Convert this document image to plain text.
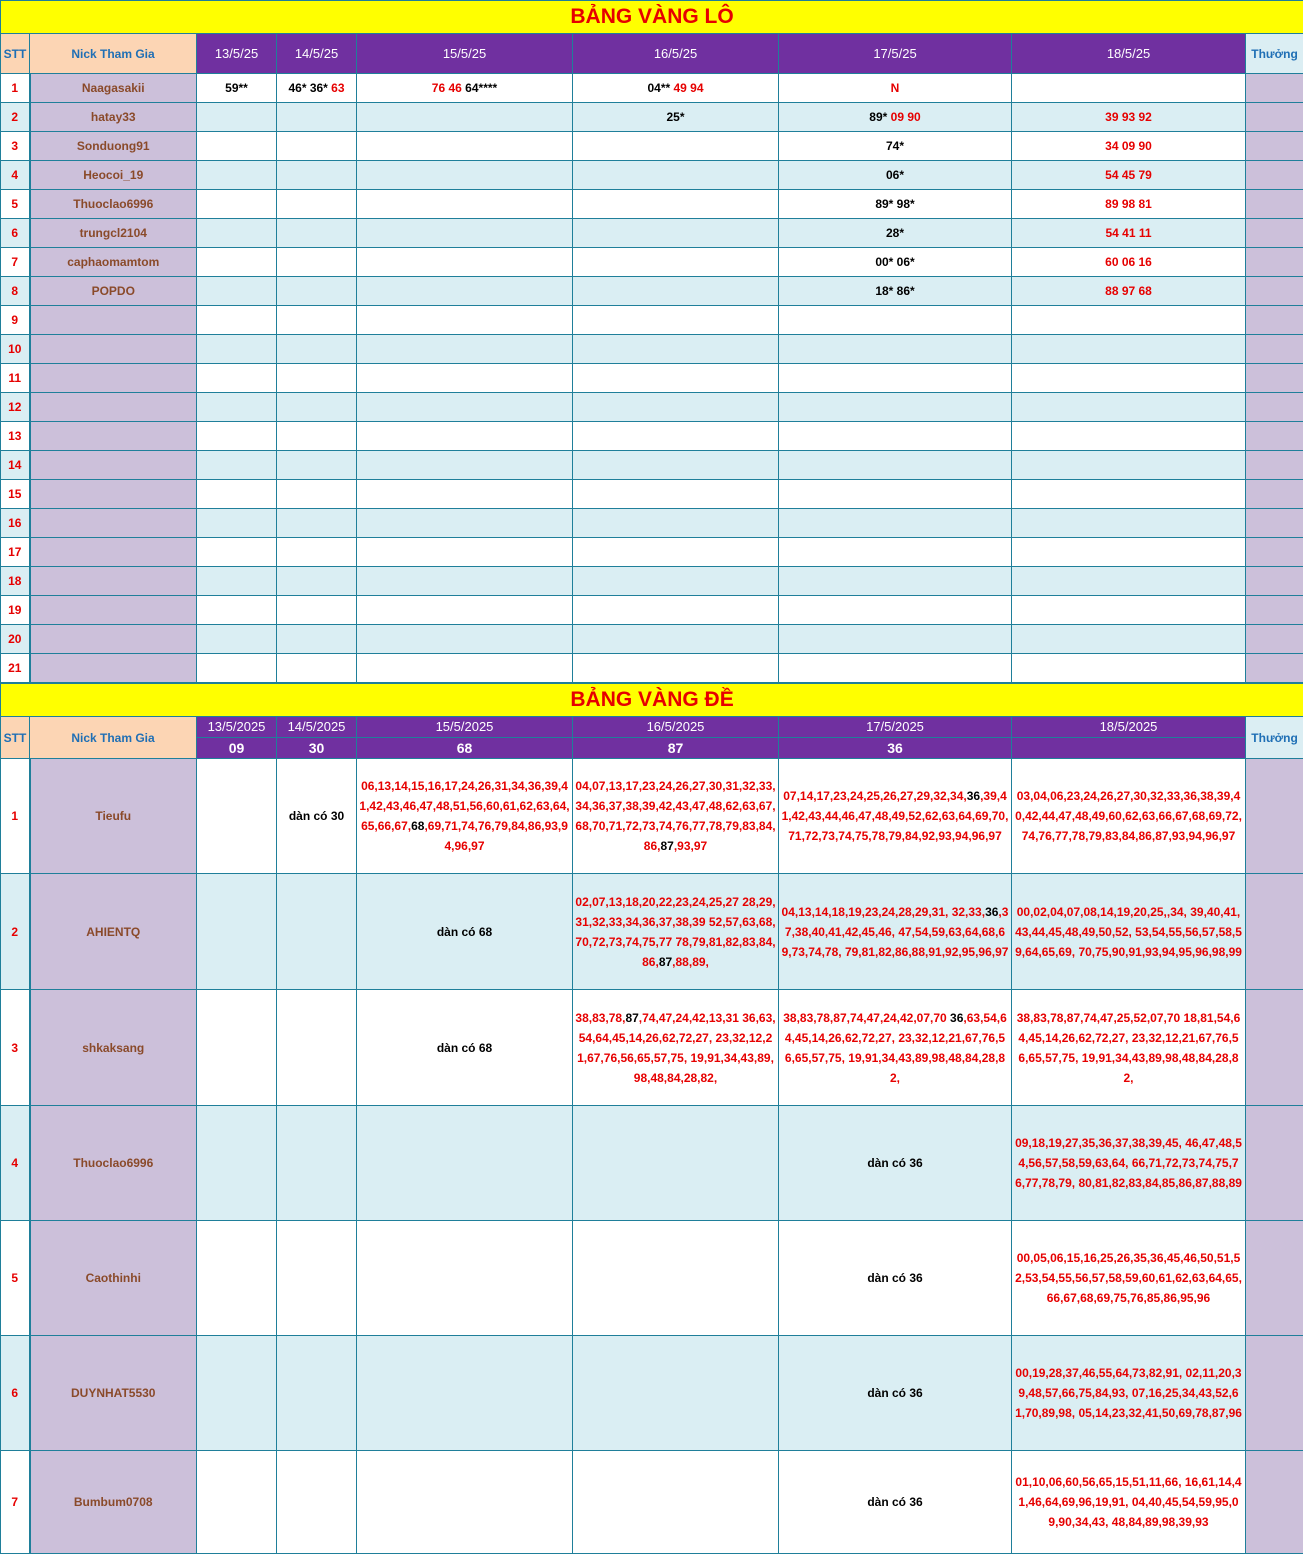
BẢNG VÀNG LÔ								
STT	Nick Tham Gia	13/5/25	14/5/25	15/5/25	16/5/25	17/5/25	18/5/25	Thưởng
1	Naagasakii	59**	46* 36* 63	76 46 64****	04** 49 94	N		
2	hatay33				25*	89* 09 90	39 93 92	
3	Sonduong91					74*	34 09 90	
4	Heocoi_19					06*	54 45 79	
5	Thuoclao6996					89* 98*	89 98 81	
6	trungcl2104					28*	54 41 11	
7	caphaomamtom					00* 06*	60 06 16	
8	POPDO					18* 86*	88 97 68	
9								
10								
11								
12								
13								
14								
15								
16								
17								
18								
19								
20								
21								
BẢNG VÀNG ĐỀ								
STT	Nick Tham Gia	13/5/2025	14/5/2025	15/5/2025	16/5/2025	17/5/2025	18/5/2025	Thưởng
		09	30	68	87	36		
1	Tieufu		dàn có 30	06,13,14,15,16,17,24,26,31,34,36,39,41,42,43,46,47,48,51,56,60,61,62,63,64,65,66,67,68,69,71,74,76,79,84,86,93,94,96,97	04,07,13,17,23,24,26,27,30,31,32,33,34,36,37,38,39,42,43,47,48,62,63,67,68,70,71,72,73,74,76,77,78,79,83,84,86,87,93,97	07,14,17,23,24,25,26,27,29,32,34,36,39,41,42,43,44,46,47,48,49,52,62,63,64,69,70,71,72,73,74,75,78,79,84,92,93,94,96,97	03,04,06,23,24,26,27,30,32,33,36,38,39,40,42,44,47,48,49,60,62,63,66,67,68,69,72,74,76,77,78,79,83,84,86,87,93,94,96,97	
2	AHIENTQ			dàn có 68	02,07,13,18,20,22,23,24,25,27 28,29,31,32,33,34,36,37,38,39 52,57,63,68,70,72,73,74,75,77 78,79,81,82,83,84,86,87,88,89,	04,13,14,18,19,23,24,28,29,31, 32,33,36,37,38,40,41,42,45,46, 47,54,59,63,64,68,69,73,74,78, 79,81,82,86,88,91,92,95,96,97	00,02,04,07,08,14,19,20,25,,34, 39,40,41,43,44,45,48,49,50,52, 53,54,55,56,57,58,59,64,65,69, 70,75,90,91,93,94,95,96,98,99	
3	shkaksang			dàn có 68	38,83,78,87,74,47,24,42,13,31 36,63,54,64,45,14,26,62,72,27, 23,32,12,21,67,76,56,65,57,75, 19,91,34,43,89,98,48,84,28,82,	38,83,78,87,74,47,24,42,07,70 36,63,54,64,45,14,26,62,72,27, 23,32,12,21,67,76,56,65,57,75, 19,91,34,43,89,98,48,84,28,82,	38,83,78,87,74,47,25,52,07,70 18,81,54,64,45,14,26,62,72,27, 23,32,12,21,67,76,56,65,57,75, 19,91,34,43,89,98,48,84,28,82,	
4	Thuoclao6996					dàn có 36	09,18,19,27,35,36,37,38,39,45, 46,47,48,54,56,57,58,59,63,64, 66,71,72,73,74,75,76,77,78,79, 80,81,82,83,84,85,86,87,88,89	
5	Caothinhi					dàn có 36	00,05,06,15,16,25,26,35,36,45,46,50,51,52,53,54,55,56,57,58,59,60,61,62,63,64,65,66,67,68,69,75,76,85,86,95,96	
6	DUYNHAT5530					dàn có 36	00,19,28,37,46,55,64,73,82,91, 02,11,20,39,48,57,66,75,84,93, 07,16,25,34,43,52,61,70,89,98, 05,14,23,32,41,50,69,78,87,96	
7	Bumbum0708					dàn có 36	01,10,06,60,56,65,15,51,11,66, 16,61,14,41,46,64,69,96,19,91, 04,40,45,54,59,95,09,90,34,43, 48,84,89,98,39,93	
